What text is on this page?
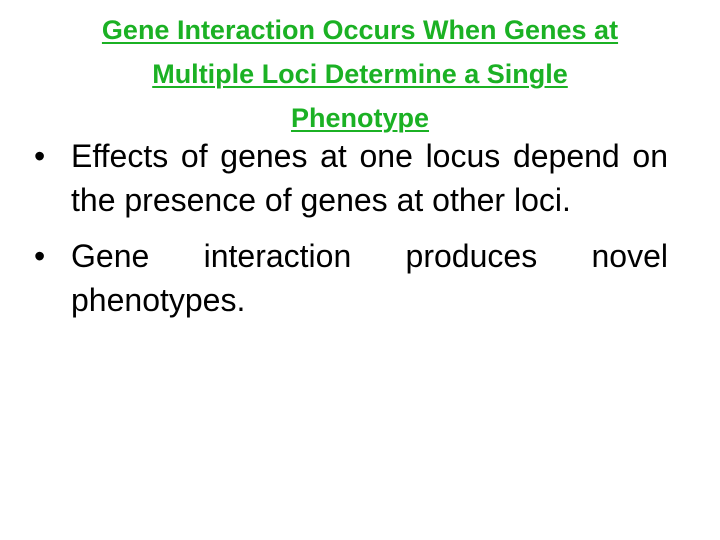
Gene Interaction Occurs When Genes at
Multiple Loci Determine a Single
Phenotype
• Effects of genes at one locus depend on the presence of genes at other loci.
• Gene interaction produces novel phenotypes.
